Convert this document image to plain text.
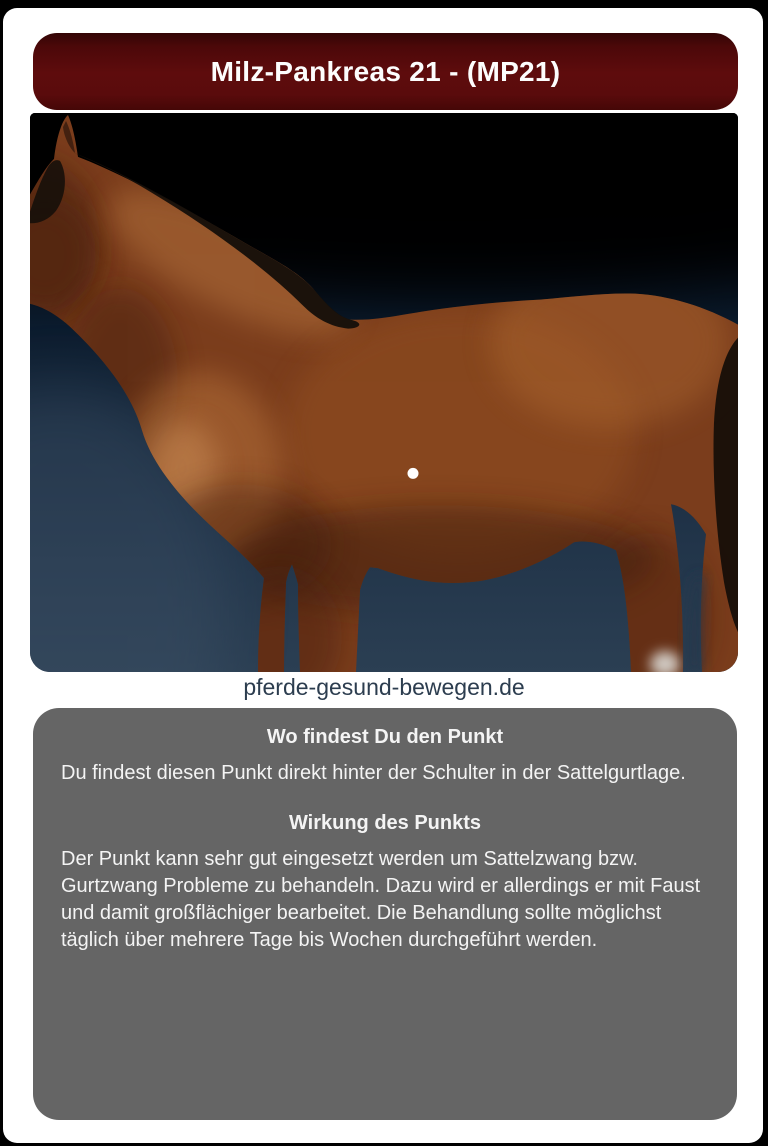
Milz-Pankreas 21 - (MP21)
pferde-gesund-bewegen.de
Wo findest Du den Punkt

Du findest diesen Punkt direkt hinter der Schulter in der Sattelgurtlage.

Wirkung des Punkts

Der Punkt kann sehr gut eingesetzt werden um Sattelzwang bzw. Gurtzwang Probleme zu behandeln. Dazu wird er allerdings er mit Faust und damit großflächiger bearbeitet. Die Behandlung sollte möglichst täglich über mehrere Tage bis Wochen durchgeführt werden.
